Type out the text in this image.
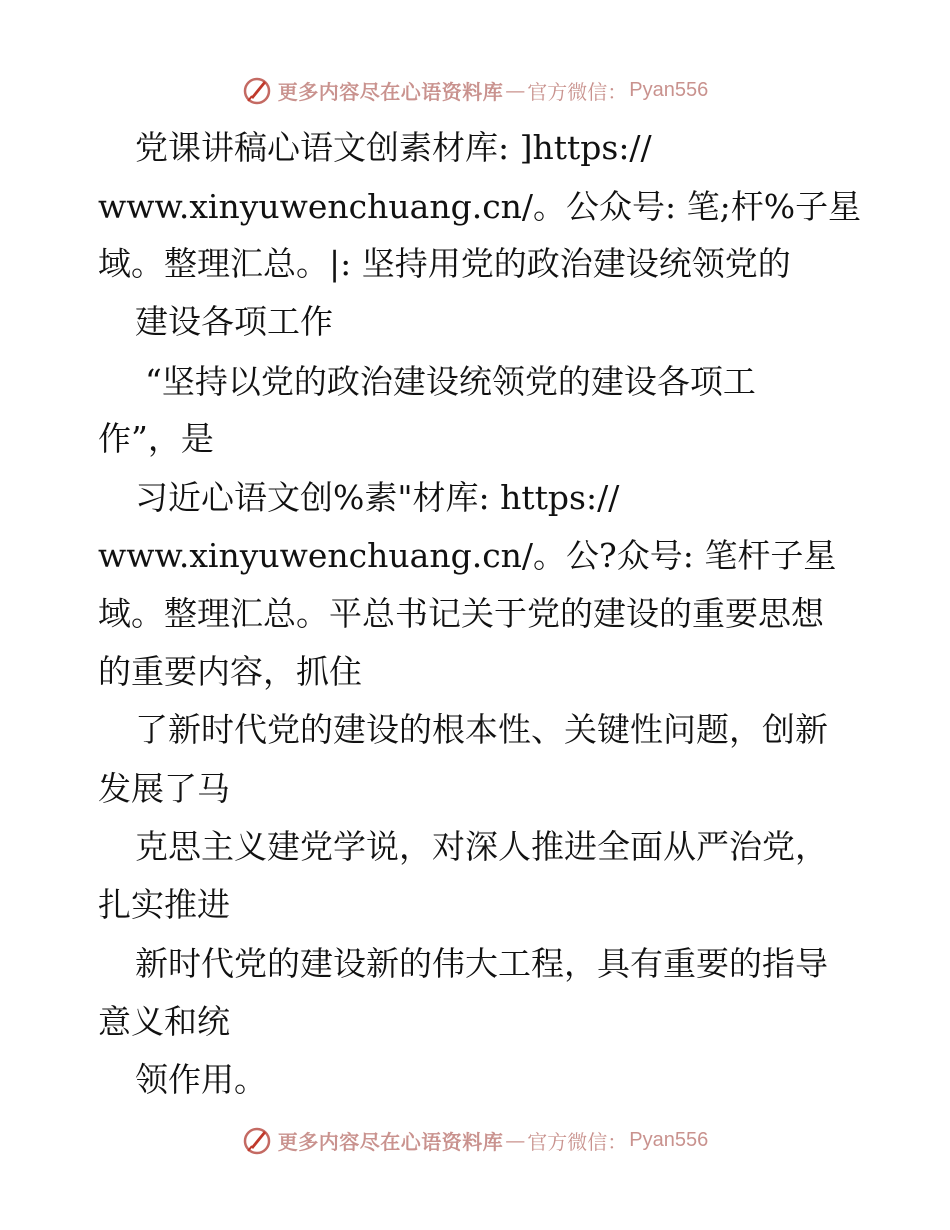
更多内容尽在心语资料库 — 官方微信： Pyan556
党课讲稿心语文创素材库: ]https://
www.xinyuwenchuang.cn/。公众号: 笔;杆%子星
域。整理汇总。|: 坚持用党的政治建设统领党的
建设各项工作
“坚持以党的政治建设统领党的建设各项工
作”，是
习近心语文创%素"材库: https://
www.xinyuwenchuang.cn/。公?众号: 笔杆子星
域。整理汇总。平总书记关于党的建设的重要思想
的重要内容，抓住
了新时代党的建设的根本性、关键性问题，创新
发展了马
克思主义建党学说，对深人推进全面从严治党，
扎实推进
新时代党的建设新的伟大工程，具有重要的指导
意义和统
领作用。
更多内容尽在心语资料库 — 官方微信： Pyan556
